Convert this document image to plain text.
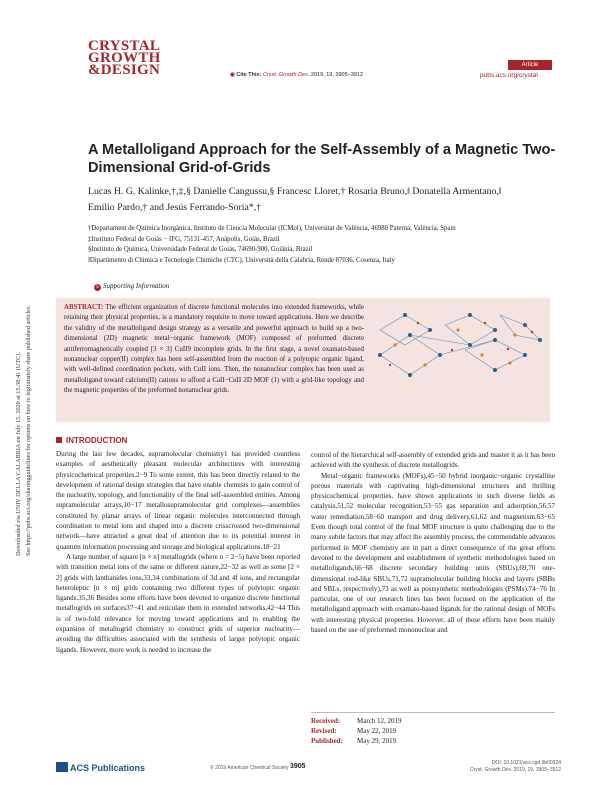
Downloaded via UNIV DELLA CALABRIA on July 15, 2020 at 15:38:41 (UTC). See https://pubs.acs.org/sharingguidelines for options on how to legitimately share published articles.
CRYSTAL
GROWTH
&DESIGN	◉ Cite This: Cryst. Growth Des. 2019, 19, 3905−3912
Article
pubs.acs.org/crystal
A Metalloligand Approach for the Self-Assembly of a Magnetic Two-Dimensional Grid-of-Grids
Lucas H. G. Kalinke,†,‡,§ Danielle Cangussu,§ Francesc Lloret,† Rosaria Bruno,‖ Donatella Armentano,‖
Emilio Pardo,† and Jesús Ferrando-Soria*,†
†Departament de Química Inorgànica, Instituto de Ciencia Molecular (ICMol), Universitat de València, 46980 Paterna, València, Spain
‡Instituto Federal de Goiás − IFG, 75131-457, Anápolis, Goiás, Brazil
§Instituto de Química, Universidade Federal de Goiás, 74690-900, Goiânia, Brazil
‖Dipartimento di Chimica e Tecnologie Chimiche (CTC), Università della Calabria, Rende 87036, Cosenza, Italy
S Supporting Information
ABSTRACT: The efficient organization of discrete functional molecules into extended frameworks, while retaining their physical properties, is a mandatory requisite to move toward applications. Here we describe the validity of the metalloligand design strategy as a versatile and powerful approach to build up a two-dimensional (2D) magnetic metal−organic framework (MOF) composed of preformed discrete antiferromagnetically coupled [3 × 3] CuII9 incomplete grids. In the first stage, a novel oxamato-based nonanuclear copper(II) complex has been self-assembled from the reaction of a polytopic organic ligand, with well-defined coordination pockets, with CuII ions. Then, the nonanuclear complex has been used as metalloligand toward calcium(II) cations to afford a CaII−CuII 2D MOF (1) with a grid-like topology and the magnetic properties of the preformed nonanuclear grids.
INTRODUCTION

During the last few decades, supramolecular chemistry1 has provided countless examples of aesthetically pleasant molecular architectures with interesting physicochemical properties.2−9 To some extent, this has been directly related to the development of rational design strategies that have enable chemists to gain control of the nuclearity, topology, and functionality of the final self-assembled entities. Among supramolecular arrays,10−17 metallosupramolecular grid complexes—assemblies constituted by planar arrays of linear organic molecules interconnected through coordination to metal ions and shaped into a discrete crisscrossed two-dimensional network—have attracted a great deal of attention due to its potential interest in quantum information processing and storage and biological applications.18−21

A large number of square [n × n] metallogrids (where n = 2−5) have been reported with transition metal ions of the same or different nature,22−32 as well as some [2 × 2] grids with lanthanides ions,33,34 combinations of 3d and 4f ions, and rectangular heteroleptic [n × m] grids containing two different types of polytopic organic ligands.35,36 Besides some efforts have been devoted to organize discrete functional metallogrids on surfaces37−41 and reticulate them in extended networks,42−44 This is of two-fold relevance for moving toward applications and to enabling the expansion of metallogrid chemistry to construct grids of superior nuclearity—avoiding the difficulties associated with the synthesis of larger polytopic organic ligands. However, more work is needed to increase the

control of the hierarchical self-assembly of extended grids and master it as it has been achieved with the synthesis of discrete metallogrids.

Metal−organic frameworks (MOFs),45−50 hybrid inorganic−organic crystalline porous materials with captivating high-dimensional structures and thrilling physicochemical properties, have shown applications in such diverse fields as catalysis,51,52 molecular recognition,53−55 gas separation and adsorption,56,57 water remediation,58−60 transport and drug delivery,61,62 and magnetism.63−65 Even though total control of the final MOF structure is quite challenging due to the many subtle factors that may affect the assembly process, the commendable advances performed in MOF chemistry are in part a direct consequence of the great efforts devoted to the development and establishment of synthetic methodologies based on metalloligands,66−68 discrete secondary building units (SBUs),69,70 one-dimensional rod-like SBUs,71,72 supramolecular building blocks and layers (SBBs and SBLs, respectively),73 as well as postsynthetic methodologies (PSMs).74−76 In particular, one of our research lines has been focused on the application of the metalloligand approach with oxamato-based ligands for the rational design of MOFs with interesting physical properties. However, all of these efforts have been mainly based on the use of preformed mononuclear and

Received: March 12, 2019
Revised:	May 22, 2019
Published: May 29, 2019
ACS Publications	© 2019 American Chemical Society 3905	DOI: 10.1021/acs.cgd.9b00324
Cryst. Growth Des. 2019, 19, 3905−3912
